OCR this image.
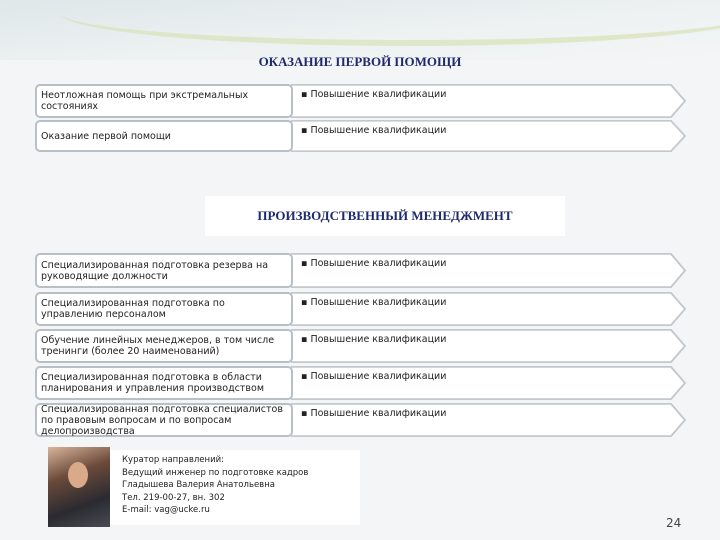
ОКАЗАНИЕ ПЕРВОЙ ПОМОЩИ
Неотложная помощь при экстремальных состояниях
▪ Повышение квалификации
Оказание первой помощи	▪ Повышение квалификации
ПРОИЗВОДСТВЕННЫЙ МЕНЕДЖМЕНТ
Специализированная подготовка резерва на руководящие должности
▪ Повышение квалификации
Специализированная подготовка по управлению персоналом
▪ Повышение квалификации
Обучение линейных менеджеров, в том числе тренинги (более 20 наименований)
▪ Повышение квалификации
Специализированная подготовка в области планирования и управления производством
▪ Повышение квалификации
Специализированная подготовка специалистов по правовым вопросам и по вопросам делопроизводства
▪ Повышение квалификации
Куратор направлений:
Ведущий инженер по подготовке кадров
Гладышева Валерия Анатольевна
Тел. 219-00-27, вн. 302
E-mail: vag@ucke.ru
24
